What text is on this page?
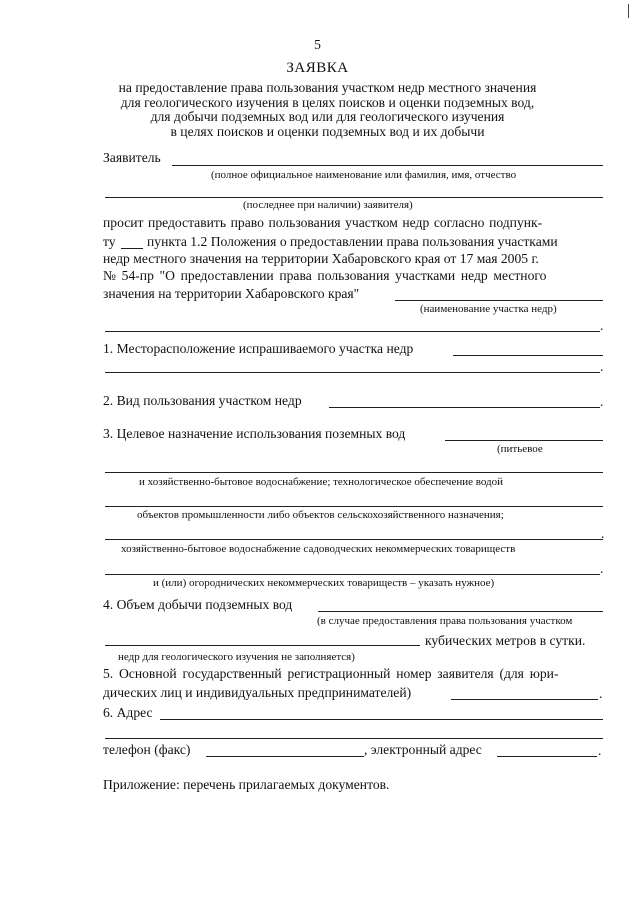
5
ЗАЯВКА
на предоставление права пользования участком недр местного значения
для геологического изучения в целях поисков и оценки подземных вод,
для добычи подземных вод или для геологического изучения
в целях поисков и оценки подземных вод и их добычи
Заявитель
(полное официальное наименование или фамилия, имя, отчество
(последнее при наличии) заявителя)
просит предоставить право пользования участком недр согласно подпунк-
ту пункта 1.2 Положения о предоставлении права пользования участками
недр местного значения на территории Хабаровского края от 17 мая 2005 г.
№ 54-пр "О предоставлении права пользования участками недр местного
значения на территории Хабаровского края"
(наименование участка недр)
.
1. Месторасположение испрашиваемого участка недр
.
2. Вид пользования участком недр	.
3. Целевое назначение использования поземных вод
(питьевое
и хозяйственно-бытовое водоснабжение; технологическое обеспечение водой
объектов промышленности либо объектов сельскохозяйственного назначения;
.
хозяйственно-бытовое водоснабжение садоводческих некоммерческих товариществ
.
и (или) огороднических некоммерческих товариществ – указать нужное)
4. Объем добычи подземных вод
(в случае предоставления права пользования участком
кубических метров в сутки.
недр для геологического изучения не заполняется)
5. Основной государственный регистрационный номер заявителя (для юри-
дических лиц и индивидуальных предпринимателей)	.
6. Адрес
телефон (факс)	, электронный адрес	.
Приложение: перечень прилагаемых документов.
